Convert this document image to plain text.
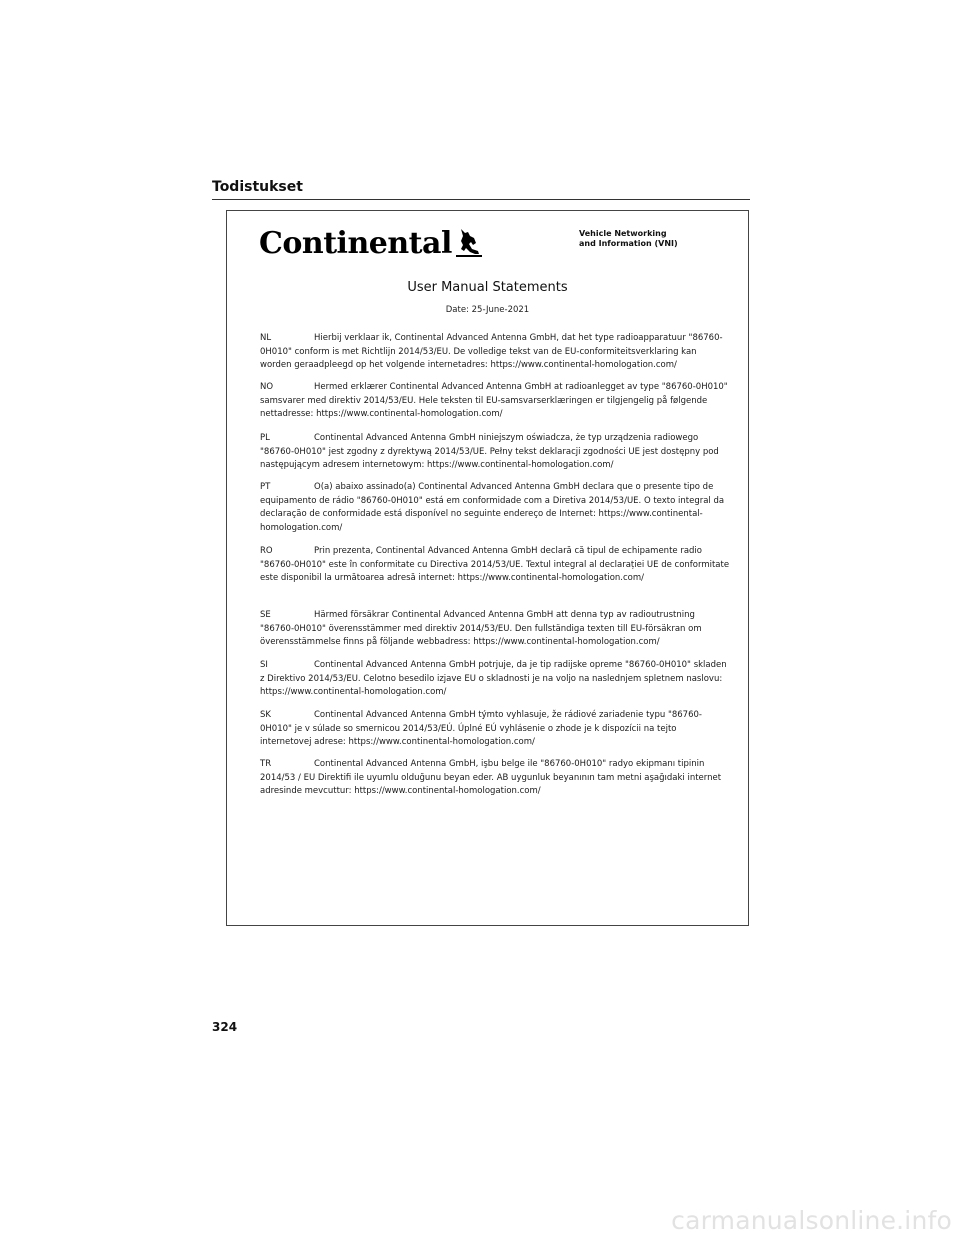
Todistukset
Continental	Vehicle Networking
and Information (VNI)
User Manual Statements
Date: 25-June-2021

NL	Hierbij verklaar ik, Continental Advanced Antenna GmbH, dat het type radioapparatuur "86760-0H010" conform is met Richtlijn 2014/53/EU. De volledige tekst van de EU-conformiteitsverklaring kan worden geraadpleegd op het volgende internetadres: https://www.continental-homologation.com/

NO	Hermed erklærer Continental Advanced Antenna GmbH at radioanlegget av type "86760-0H010" samsvarer med direktiv 2014/53/EU. Hele teksten til EU-samsvarserklæringen er tilgjengelig på følgende nettadresse: https://www.continental-homologation.com/

PL	Continental Advanced Antenna GmbH niniejszym oświadcza, że typ urządzenia radiowego "86760-0H010" jest zgodny z dyrektywą 2014/53/UE. Pełny tekst deklaracji zgodności UE jest dostępny pod następującym adresem internetowym: https://www.continental-homologation.com/

PT	O(a) abaixo assinado(a) Continental Advanced Antenna GmbH declara que o presente tipo de equipamento de rádio "86760-0H010" está em conformidade com a Diretiva 2014/53/UE. O texto integral da declaração de conformidade está disponível no seguinte endereço de Internet: https://www.continental-homologation.com/

RO	Prin prezenta, Continental Advanced Antenna GmbH declară că tipul de echipamente radio "86760-0H010" este în conformitate cu Directiva 2014/53/UE. Textul integral al declarației UE de conformitate este disponibil la următoarea adresă internet: https://www.continental-homologation.com/

SE	Härmed försäkrar Continental Advanced Antenna GmbH att denna typ av radioutrustning "86760-0H010" överensstämmer med direktiv 2014/53/EU. Den fullständiga texten till EU-försäkran om överensstämmelse finns på följande webbadress: https://www.continental-homologation.com/

SI	Continental Advanced Antenna GmbH potrjuje, da je tip radijske opreme "86760-0H010" skladen z Direktivo 2014/53/EU. Celotno besedilo izjave EU o skladnosti je na voljo na naslednjem spletnem naslovu: https://www.continental-homologation.com/

SK	Continental Advanced Antenna GmbH týmto vyhlasuje, že rádiové zariadenie typu "86760-0H010" je v súlade so smernicou 2014/53/EÚ. Úplné EÚ vyhlásenie o zhode je k dispozícii na tejto internetovej adrese: https://www.continental-homologation.com/

TR	Continental Advanced Antenna GmbH, işbu belge ile "86760-0H010" radyo ekipmanı tipinin 2014/53 / EU Direktifi ile uyumlu olduğunu beyan eder. AB uygunluk beyanının tam metni aşağıdaki internet adresinde mevcuttur: https://www.continental-homologation.com/

324
carmanualsonline.info
